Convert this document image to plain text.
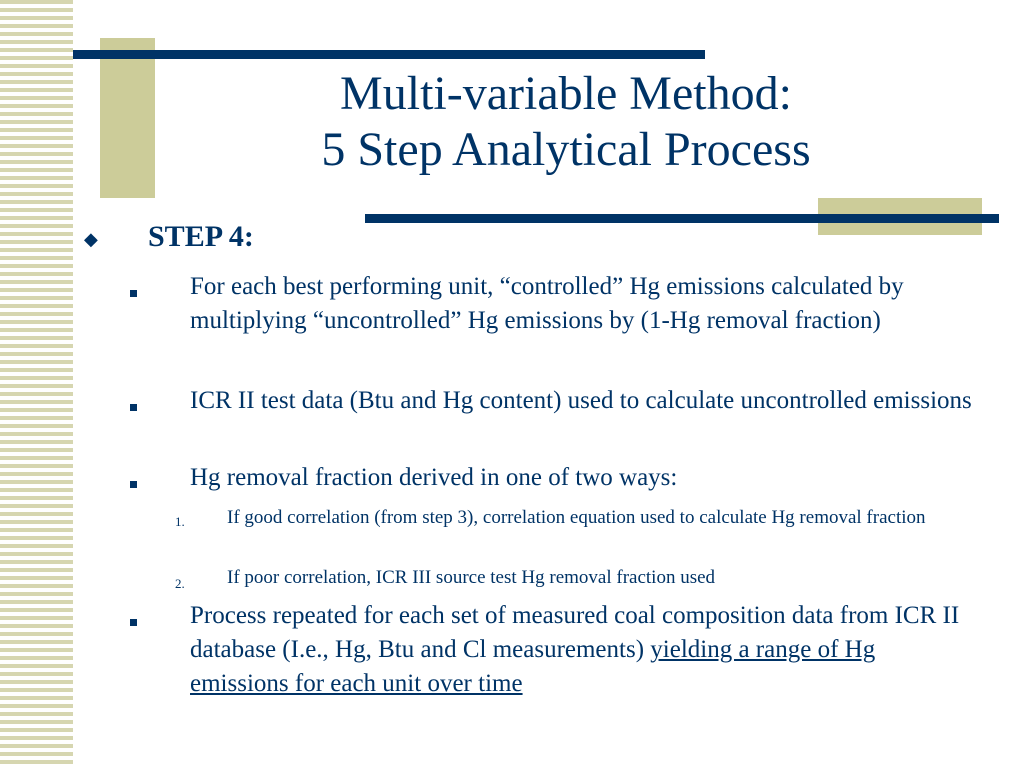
Multi-variable Method:
5 Step Analytical Process
◆ STEP 4:
For each best performing unit, “controlled” Hg emissions calculated by multiplying “uncontrolled” Hg emissions by (1-Hg removal fraction)
ICR II test data (Btu and Hg content) used to calculate uncontrolled emissions
Hg removal fraction derived in one of two ways:
1. If good correlation (from step 3), correlation equation used to calculate Hg removal fraction
2. If poor correlation, ICR III source test Hg removal fraction used
Process repeated for each set of measured coal composition data from ICR II database (I.e., Hg, Btu and Cl measurements) yielding a range of Hg emissions for each unit over time
